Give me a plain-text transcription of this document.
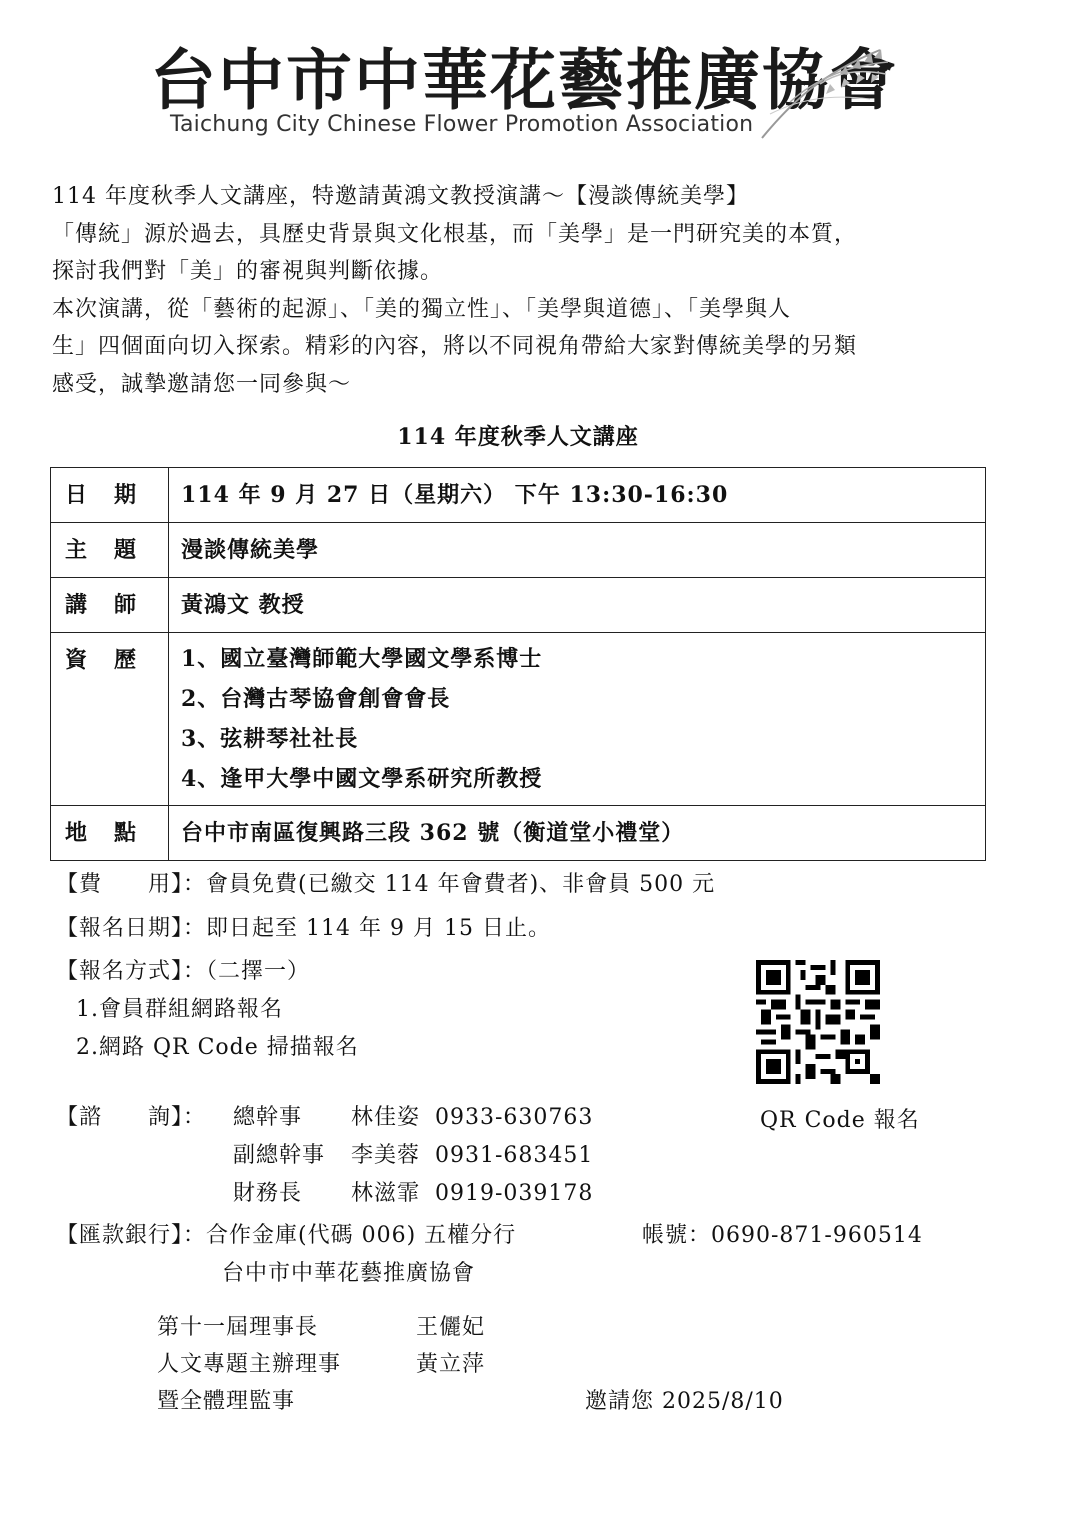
台中市中華花藝推廣協會
Taichung City Chinese Flower Promotion Association

114 年度秋季人文講座，特邀請黃鴻文教授演講～【漫談傳統美學】

「傳統」源於過去，具歷史背景與文化根基，而「美學」是一門研究美的本質，

探討我們對「美」的審視與判斷依據。

本次演講，從「藝術的起源」、「美的獨立性」、「美學與道德」、「美學與人

生」四個面向切入探索。精彩的內容，將以不同視角帶給大家對傳統美學的另類

感受，誠摯邀請您一同參與～

114 年度秋季人文講座
日 期	114 年 9 月 27 日（星期六） 下午 13:30-16:30
主 題	漫談傳統美學
講 師	黃鴻文 教授
資 歷	1、國立臺灣師範大學國文學系博士
2、台灣古琴協會創會會長
3、弦耕琴社社長
4、逢甲大學中國文學系研究所教授

地 點	台中市南區復興路三段 362 號（衡道堂小禮堂）
【費　　用】：會員免費(已繳交 114 年會費者)、非會員 500 元
【報名日期】：即日起至 114 年 9 月 15 日止。
【報名方式】：（二擇一）
1.會員群組網路報名
2.網路 QR Code 掃描報名
QR Code 報名
【諮　　詢】： 總幹事 林佳姿 0933-630763
副總幹事 李美蓉 0931-683451
財務長 林滋霏 0919-039178
【匯款銀行】：合作金庫(代碼 006) 五權分行	帳號：0690-871-960514
台中市中華花藝推廣協會
第十一屆理事長	王儷妃
人文專題主辦理事	黃立萍
暨全體理監事	邀請您 2025/8/10
